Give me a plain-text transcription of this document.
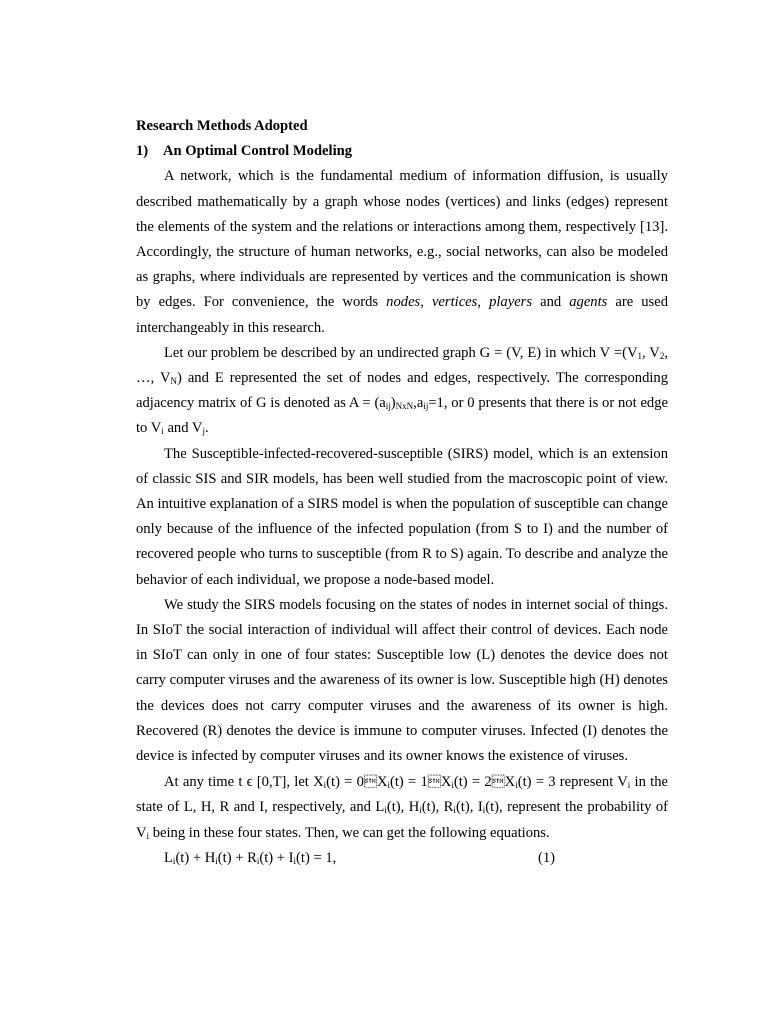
Research Methods Adopted
1) An Optimal Control Modeling

A network, which is the fundamental medium of information diffusion, is usually described mathematically by a graph whose nodes (vertices) and links (edges) represent the elements of the system and the relations or interactions among them, respectively [13]. Accordingly, the structure of human networks, e.g., social networks, can also be modeled as graphs, where individuals are represented by vertices and the communication is shown by edges. For convenience, the words nodes, vertices, players and agents are used interchangeably in this research.

Let our problem be described by an undirected graph G = (V, E) in which $V =(V_1$, $V_2$, …, $V_N$) and E represented the set of nodes and edges, respectively. The corresponding adjacency matrix of G is denoted as $A = (a_{ij})_{NxN},a_{ij}=1$, or 0 presents that there is or not edge to $V_i$ and $V_j$.

The Susceptible-infected-recovered-susceptible (SIRS) model, which is an extension of classic SIS and SIR models, has been well studied from the macroscopic point of view. An intuitive explanation of a SIRS model is when the population of susceptible can change only because of the influence of the infected population (from S to I) and the number of recovered people who turns to susceptible (from R to S) again. To describe and analyze the behavior of each individual, we propose a node-based model.

We study the SIRS models focusing on the states of nodes in internet social of things. In SIoT the social interaction of individual will affect their control of devices. Each node in SIoT can only in one of four states: Susceptible low (L) denotes the device does not carry computer viruses and the awareness of its owner is low. Susceptible high (H) denotes the devices does not carry computer viruses and the awareness of its owner is high. Recovered (R) denotes the device is immune to computer viruses. Infected (I) denotes the device is infected by computer viruses and its owner knows the existence of viruses.

At any time t ϵ [0,T], let $X_i(t)$ = $0X_i(t)$ = $1X_i(t)$ = $2X_i(t) = 3$ represent $V_i$ in the state of L, H, R and I, respectively, and $L_i(t)$, $H_i(t)$, $R_i(t)$, $I_i(t)$, represent the probability of $V_i$ being in these four states. Then, we can get the following equations.

$L_i(t) + H_i(t) + R_i(t) + I_i(t) = 1$,	(1)
